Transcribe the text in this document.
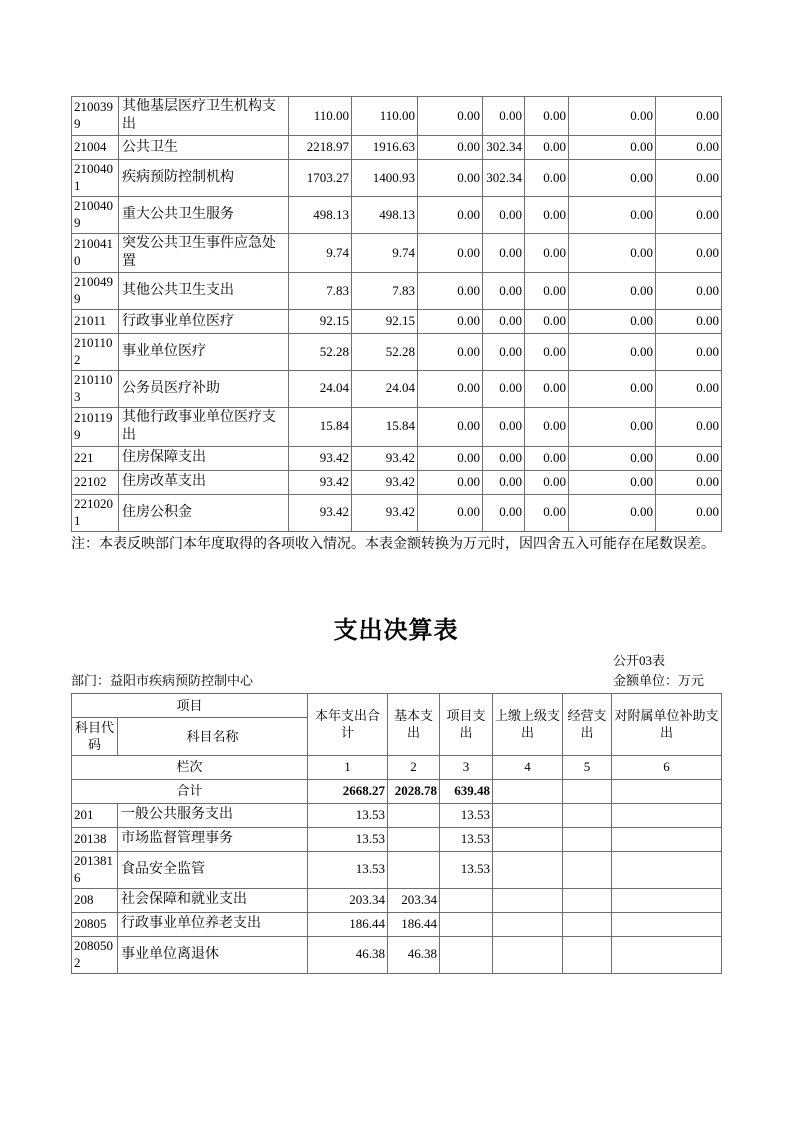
2100399	其他基层医疗卫生机构支出	110.00	110.00	0.00	0.00	0.00	0.00	0.00
21004	公共卫生	2218.97	1916.63	0.00	302.34	0.00	0.00	0.00
2100401	疾病预防控制机构	1703.27	1400.93	0.00	302.34	0.00	0.00	0.00
2100409	重大公共卫生服务	498.13	498.13	0.00	0.00	0.00	0.00	0.00
2100410	突发公共卫生事件应急处置	9.74	9.74	0.00	0.00	0.00	0.00	0.00
2100499	其他公共卫生支出	7.83	7.83	0.00	0.00	0.00	0.00	0.00
21011	行政事业单位医疗	92.15	92.15	0.00	0.00	0.00	0.00	0.00
2101102	事业单位医疗	52.28	52.28	0.00	0.00	0.00	0.00	0.00
2101103	公务员医疗补助	24.04	24.04	0.00	0.00	0.00	0.00	0.00
2101199	其他行政事业单位医疗支出	15.84	15.84	0.00	0.00	0.00	0.00	0.00
221	住房保障支出	93.42	93.42	0.00	0.00	0.00	0.00	0.00
22102	住房改革支出	93.42	93.42	0.00	0.00	0.00	0.00	0.00
2210201	住房公积金	93.42	93.42	0.00	0.00	0.00	0.00	0.00

注：本表反映部门本年度取得的各项收入情况。本表金额转换为万元时，因四舍五入可能存在尾数误差。

支出决算表
公开03表
部门：益阳市疾病预防控制中心	金额单位：万元
项目		本年支出合计	基本支出	项目支出	上缴上级支出	经营支出	对附属单位补助支出
科目代码	科目名称						
栏次		1	2	3	4	5	6
合计		2668.27	2028.78	639.48			
201	一般公共服务支出	13.53		13.53			
20138	市场监督管理事务	13.53		13.53			
2013816	食品安全监管	13.53		13.53			
208	社会保障和就业支出	203.34	203.34				
20805	行政事业单位养老支出	186.44	186.44				
2080502	事业单位离退休	46.38	46.38				
